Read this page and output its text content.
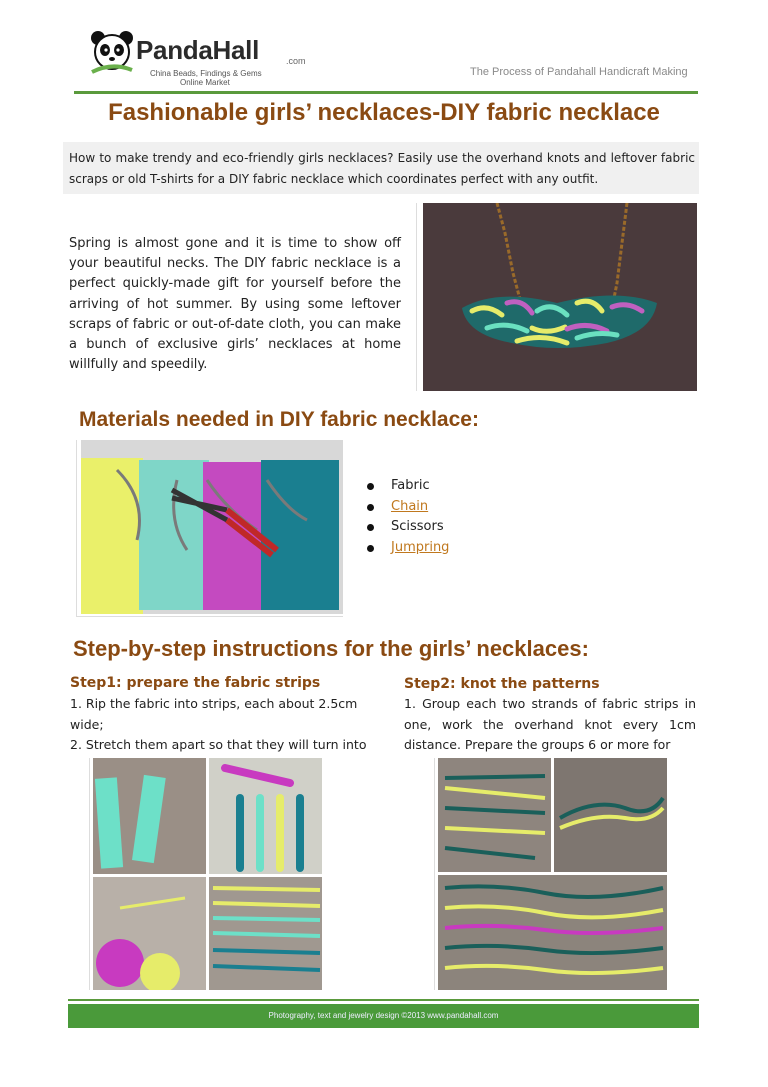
PandaHall	.com
China Beads, Findings & Gems
Online Market
The Process of Pandahall Handicraft Making
Fashionable girls’ necklaces-DIY fabric necklace
How to make trendy and eco-friendly girls necklaces? Easily use the overhand knots and leftover fabric scraps or old T-shirts for a DIY fabric necklace which coordinates perfect with any outfit.
Spring is almost gone and it is time to show off your beautiful necks. The DIY fabric necklace is a perfect quickly-made gift for yourself before the arriving of hot summer. By using some leftover scraps of fabric or out-of-date cloth, you can make a bunch of exclusive girls’ necklaces at home willfully and speedily.
Materials needed in DIY fabric necklace:
Fabric
Chain
Scissors
Jumpring
Step-by-step instructions for the girls’ necklaces:
Step1: prepare the fabric strips
1. Rip the fabric into strips, each about 2.5cm wide;
2. Stretch them apart so that they will turn into
Step2: knot the patterns
1. Group each two strands of fabric strips in one, work the overhand knot every 1cm distance. Prepare the groups 6 or more for
Photography, text and jewelry design ©2013 www.pandahall.com
